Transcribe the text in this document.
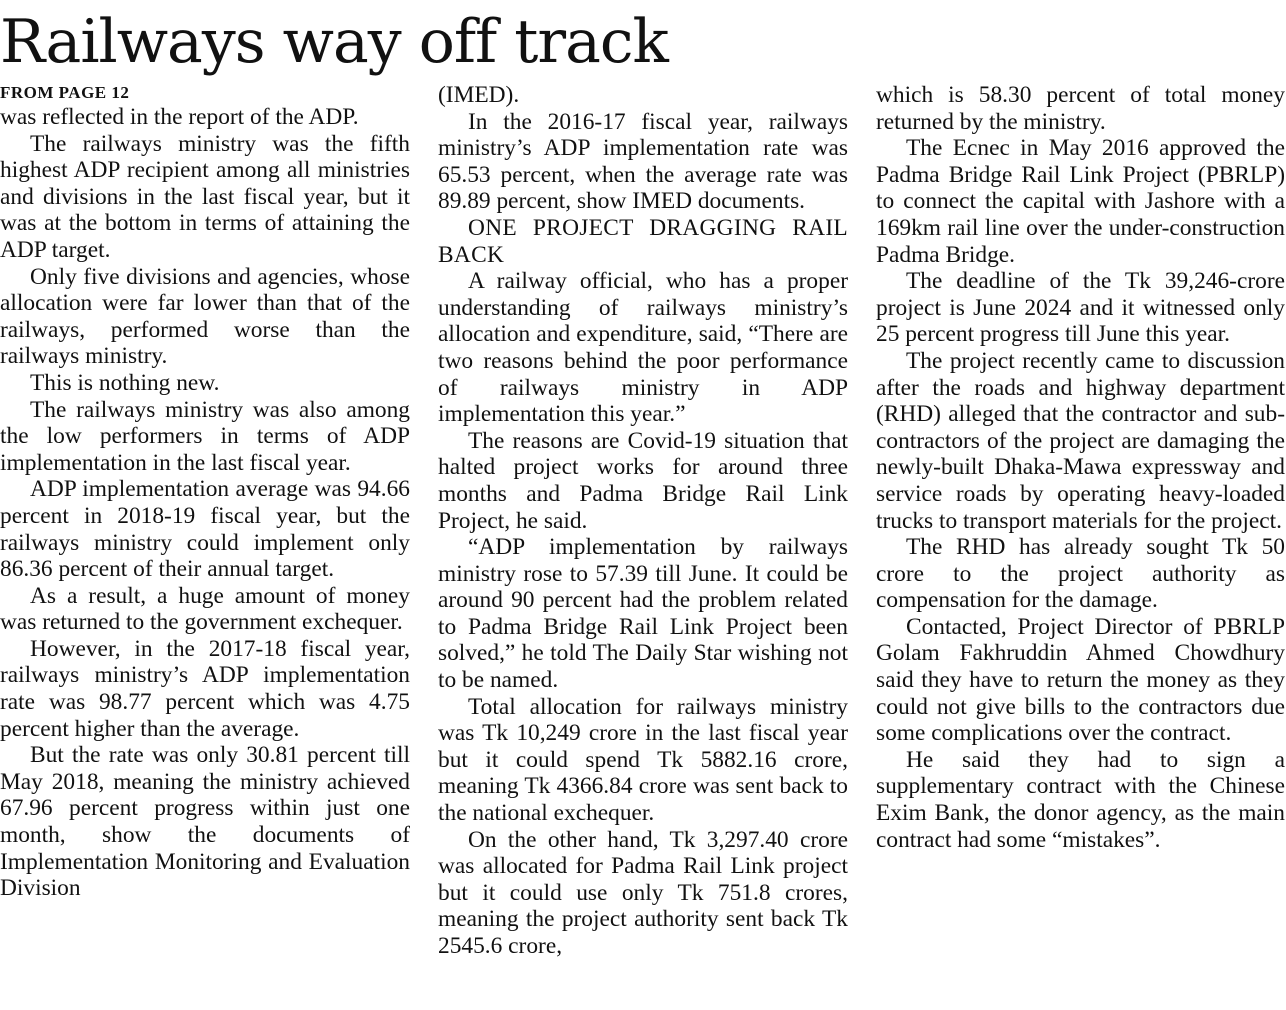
Railways way off track

FROM PAGE 12

was reflected in the report of the ADP.

The railways ministry was the fifth highest ADP recipient among all ministries and divisions in the last fiscal year, but it was at the bottom in terms of attaining the ADP target.

Only five divisions and agencies, whose allocation were far lower than that of the railways, performed worse than the railways ministry.

This is nothing new.

The railways ministry was also among the low performers in terms of ADP implementation in the last fiscal year.

ADP implementation average was 94.66 percent in 2018-19 fiscal year, but the railways ministry could implement only 86.36 percent of their annual target.

As a result, a huge amount of money was returned to the government exchequer.

However, in the 2017-18 fiscal year, railways ministry’s ADP implementation rate was 98.77 percent which was 4.75 percent higher than the average.

But the rate was only 30.81 percent till May 2018, meaning the ministry achieved 67.96 percent progress within just one month, show the documents of Implementation Monitoring and Evaluation Division

(IMED).

In the 2016-17 fiscal year, railways ministry’s ADP implementation rate was 65.53 percent, when the average rate was 89.89 percent, show IMED documents.

ONE PROJECT DRAGGING RAIL BACK

A railway official, who has a proper understanding of railways ministry’s allocation and expenditure, said, “There are two reasons behind the poor performance of railways ministry in ADP implementation this year.”

The reasons are Covid-19 situation that halted project works for around three months and Padma Bridge Rail Link Project, he said.

“ADP implementation by railways ministry rose to 57.39 till June. It could be around 90 percent had the problem related to Padma Bridge Rail Link Project been solved,” he told The Daily Star wishing not to be named.

Total allocation for railways ministry was Tk 10,249 crore in the last fiscal year but it could spend Tk 5882.16 crore, meaning Tk 4366.84 crore was sent back to the national exchequer.

On the other hand, Tk 3,297.40 crore was allocated for Padma Rail Link project but it could use only Tk 751.8 crores, meaning the project authority sent back Tk 2545.6 crore,

which is 58.30 percent of total money returned by the ministry.

The Ecnec in May 2016 approved the Padma Bridge Rail Link Project (PBRLP) to connect the capital with Jashore with a 169km rail line over the under-construction Padma Bridge.

The deadline of the Tk 39,246-crore project is June 2024 and it witnessed only 25 percent progress till June this year.

The project recently came to discussion after the roads and highway department (RHD) alleged that the contractor and sub-contractors of the project are damaging the newly-built Dhaka-Mawa expressway and service roads by operating heavy-loaded trucks to transport materials for the project.

The RHD has already sought Tk 50 crore to the project authority as compensation for the damage.

Contacted, Project Director of PBRLP Golam Fakhruddin Ahmed Chowdhury said they have to return the money as they could not give bills to the contractors due some complications over the contract.

He said they had to sign a supplementary contract with the Chinese Exim Bank, the donor agency, as the main contract had some “mistakes”.
